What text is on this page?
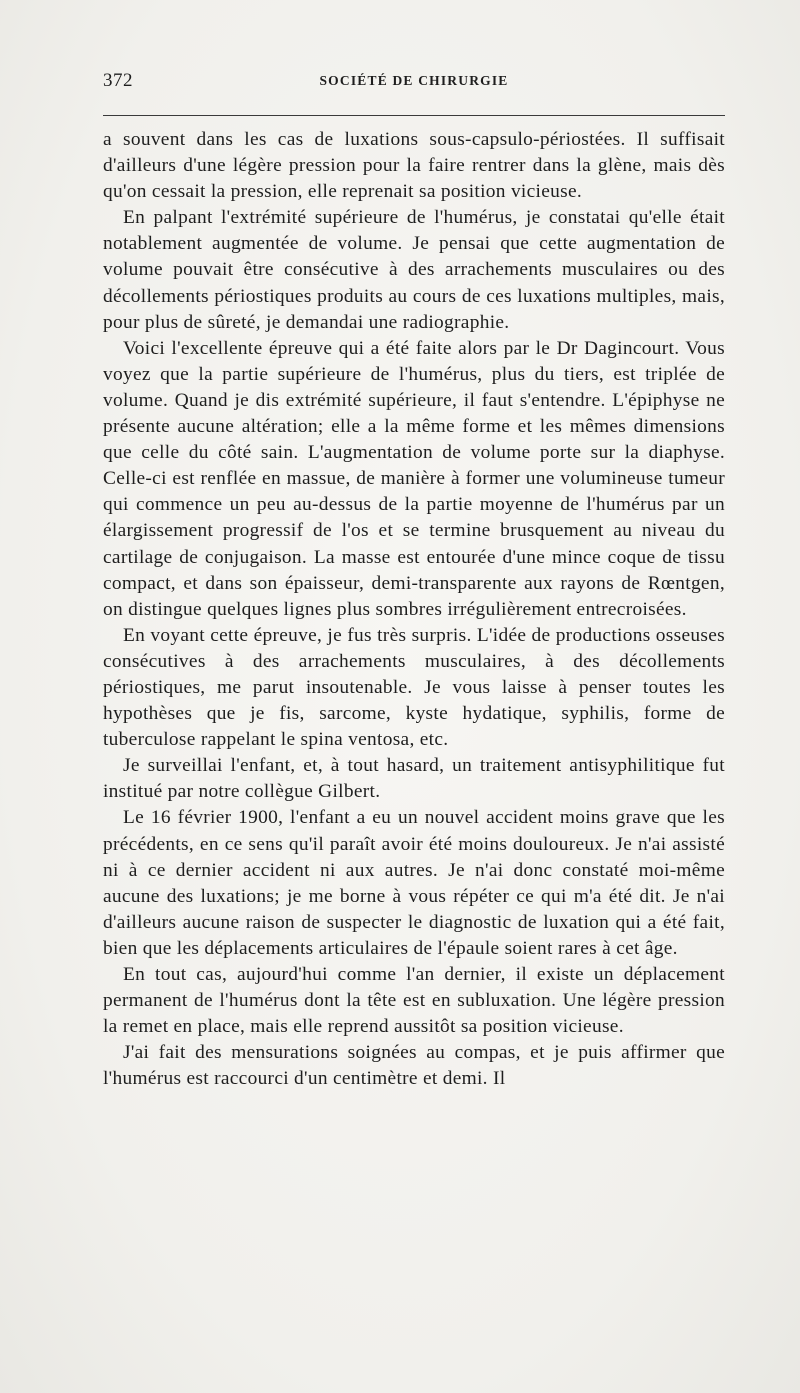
372	SOCIÉTÉ DE CHIRURGIE

a souvent dans les cas de luxations sous-capsulo-périostées. Il suffisait d'ailleurs d'une légère pression pour la faire rentrer dans la glène, mais dès qu'on cessait la pression, elle reprenait sa position vicieuse.

En palpant l'extrémité supérieure de l'humérus, je constatai qu'elle était notablement augmentée de volume. Je pensai que cette augmentation de volume pouvait être consécutive à des arrachements musculaires ou des décollements périostiques produits au cours de ces luxations multiples, mais, pour plus de sûreté, je demandai une radiographie.

Voici l'excellente épreuve qui a été faite alors par le Dr Dagincourt. Vous voyez que la partie supérieure de l'humérus, plus du tiers, est triplée de volume. Quand je dis extrémité supérieure, il faut s'entendre. L'épiphyse ne présente aucune altération; elle a la même forme et les mêmes dimensions que celle du côté sain. L'augmentation de volume porte sur la diaphyse. Celle-ci est renflée en massue, de manière à former une volumineuse tumeur qui commence un peu au-dessus de la partie moyenne de l'humérus par un élargissement progressif de l'os et se termine brusquement au niveau du cartilage de conjugaison. La masse est entourée d'une mince coque de tissu compact, et dans son épaisseur, demi-transparente aux rayons de Rœntgen, on distingue quelques lignes plus sombres irrégulièrement entrecroisées.

En voyant cette épreuve, je fus très surpris. L'idée de productions osseuses consécutives à des arrachements musculaires, à des décollements périostiques, me parut insoutenable. Je vous laisse à penser toutes les hypothèses que je fis, sarcome, kyste hydatique, syphilis, forme de tuberculose rappelant le spina ventosa, etc.

Je surveillai l'enfant, et, à tout hasard, un traitement antisyphilitique fut institué par notre collègue Gilbert.

Le 16 février 1900, l'enfant a eu un nouvel accident moins grave que les précédents, en ce sens qu'il paraît avoir été moins douloureux. Je n'ai assisté ni à ce dernier accident ni aux autres. Je n'ai donc constaté moi-même aucune des luxations; je me borne à vous répéter ce qui m'a été dit. Je n'ai d'ailleurs aucune raison de suspecter le diagnostic de luxation qui a été fait, bien que les déplacements articulaires de l'épaule soient rares à cet âge.

En tout cas, aujourd'hui comme l'an dernier, il existe un déplacement permanent de l'humérus dont la tête est en subluxation. Une légère pression la remet en place, mais elle reprend aussitôt sa position vicieuse.

J'ai fait des mensurations soignées au compas, et je puis affirmer que l'humérus est raccourci d'un centimètre et demi. Il
